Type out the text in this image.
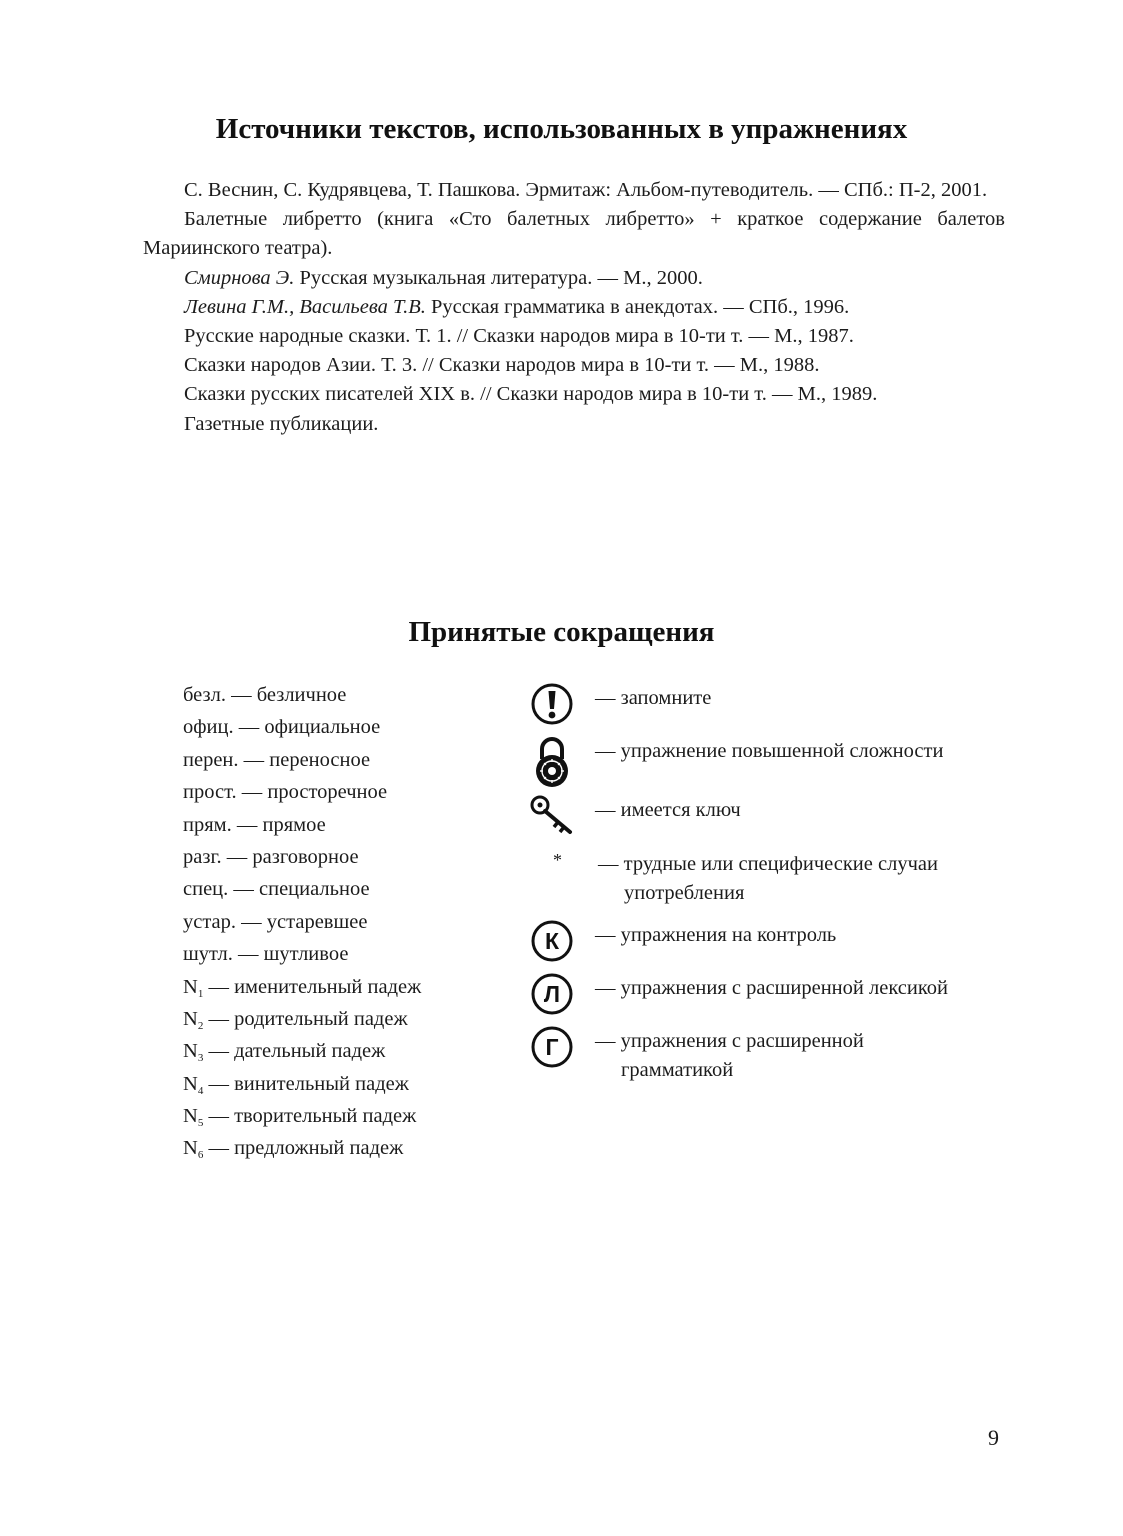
Источники текстов, использованных в упражнениях

С. Веснин, С. Кудрявцева, Т. Пашкова. Эрмитаж: Альбом-путеводитель. — СПб.: П-2, 2001.

Балетные либретто (книга «Сто балетных либретто» + краткое содержание балетов Мариинского театра).

Смирнова Э. Русская музыкальная литература. — М., 2000.

Левина Г.М., Васильева Т.В. Русская грамматика в анекдотах. — СПб., 1996.

Русские народные сказки. Т. 1. // Сказки народов мира в 10-ти т. — М., 1987.

Сказки народов Азии. Т. 3. // Сказки народов мира в 10-ти т. — М., 1988.

Сказки русских писателей XIX в. // Сказки народов мира в 10-ти т. — М., 1989.

Газетные публикации.

Принятые сокращения
безл. — безличное
офиц. — официальное
перен. — переносное
прост. — просторечное
прям. — прямое
разг. — разговорное
спец. — специальное
устар. — устаревшее
шутл. — шутливое
$N_1$ — именительный падеж
$N_2$ — родительный падеж
$N_3$ — дательный падеж
$N_4$ — винительный падеж
$N_5$ — творительный падеж
$N_6$ — предложный падеж
— запомните
— упражнение повышенной сложности
— имеется ключ
* — трудные или специфические случаи
употребления
К — упражнения на контроль
Л — упражнения с расширенной лексикой
Г — упражнения с расширенной
грамматикой
9
